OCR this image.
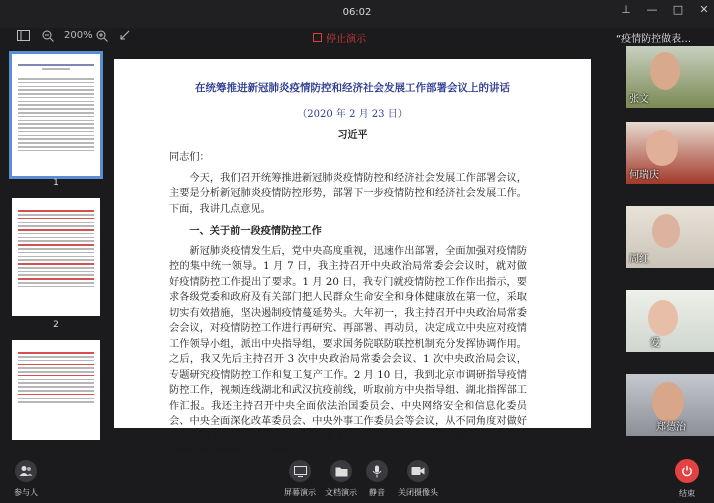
06:02	⊥ — □ ✕
200%	停止演示	“疫情防控做表…
1
2
在统筹推进新冠肺炎疫情防控和经济社会发展工作部署会议上的讲话
（2020 年 2 月 23 日）
习近平

同志们：

今天，我们召开统筹推进新冠肺炎疫情防控和经济社会发展工作部署会议，主要是分析新冠肺炎疫情防控形势，部署下一步疫情防控和经济社会发展工作。下面，我讲几点意见。

一、关于前一段疫情防控工作

新冠肺炎疫情发生后，党中央高度重视，迅速作出部署，全面加强对疫情防控的集中统一领导。1 月 7 日，我主持召开中央政治局常委会会议时，就对做好疫情防控工作提出了要求。1 月 20 日，我专门就疫情防控工作作出指示，要求各级党委和政府及有关部门把人民群众生命安全和身体健康放在第一位，采取切实有效措施，坚决遏制疫情蔓延势头。大年初一，我主持召开中央政治局常委会会议，对疫情防控工作进行再研究、再部署、再动员，决定成立中央应对疫情工作领导小组，派出中央指导组，要求国务院联防联控机制充分发挥协调作用。之后，我又先后主持召开 3 次中央政治局常委会会议、1 次中央政治局会议，专题研究疫情防控工作和复工复产工作。2 月 10 日，我到北京市调研指导疫情防控工作，视频连线湖北和武汉抗疫前线，听取前方中央指导组、湖北指挥部工作汇报。我还主持召开中央全面依法治国委员会、中央网络安全和信息化委员会、中央全面深化改革委员会、中央外事工作委员会等会议，从不同角度对做好疫情防控工作提出要求。党中央印发《关于加强党的领导、为打赢疫情防控阻击

张文
何瑞庆
周红
爱
郑德治
参与人	屏幕演示 文档演示 静音 关闭摄像头	结束
